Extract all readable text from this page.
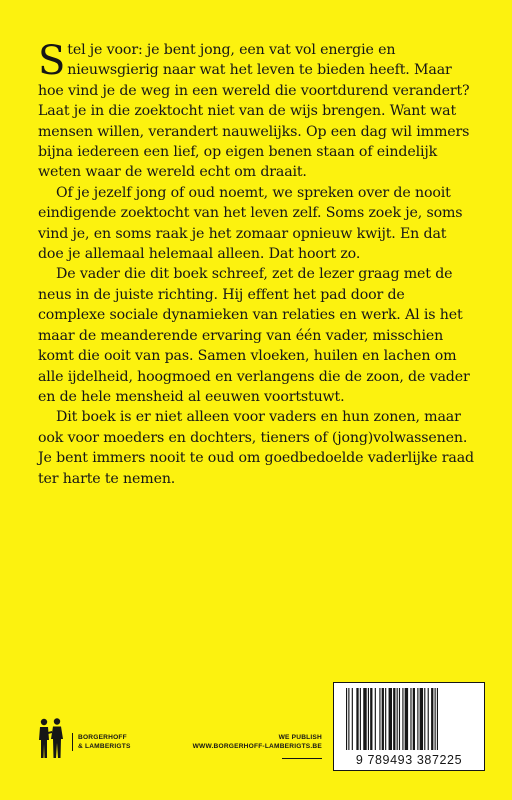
Stel je voor: je bent jong, een vat vol energie en nieuwsgierig naar wat het leven te bieden heeft. Maar hoe vind je de weg in een wereld die voortdurend verandert? Laat je in die zoektocht niet van de wijs brengen. Want wat mensen willen, verandert nauwelijks. Op een dag wil immers bijna iedereen een lief, op eigen benen staan of eindelijk weten waar de wereld echt om draait.

Of je jezelf jong of oud noemt, we spreken over de nooit eindigende zoektocht van het leven zelf. Soms zoek je, soms vind je, en soms raak je het zomaar opnieuw kwijt. En dat doe je allemaal helemaal alleen. Dat hoort zo.

De vader die dit boek schreef, zet de lezer graag met de neus in de juiste richting. Hij effent het pad door de complexe sociale dynamieken van relaties en werk. Al is het maar de meanderende ervaring van één vader, misschien komt die ooit van pas. Samen vloeken, huilen en lachen om alle ijdelheid, hoogmoed en verlangens die de zoon, de vader en de hele mensheid al eeuwen voortstuwt.

Dit boek is er niet alleen voor vaders en hun zonen, maar ook voor moeders en dochters, tieners of (jong)volwassenen. Je bent immers nooit te oud om goedbedoelde vaderlijke raad ter harte te nemen.

BORGERHOFF
& LAMBERIGTS
WE PUBLISH
WWW.BORGERHOFF-LAMBERIGTS.BE
9 789493 387225
